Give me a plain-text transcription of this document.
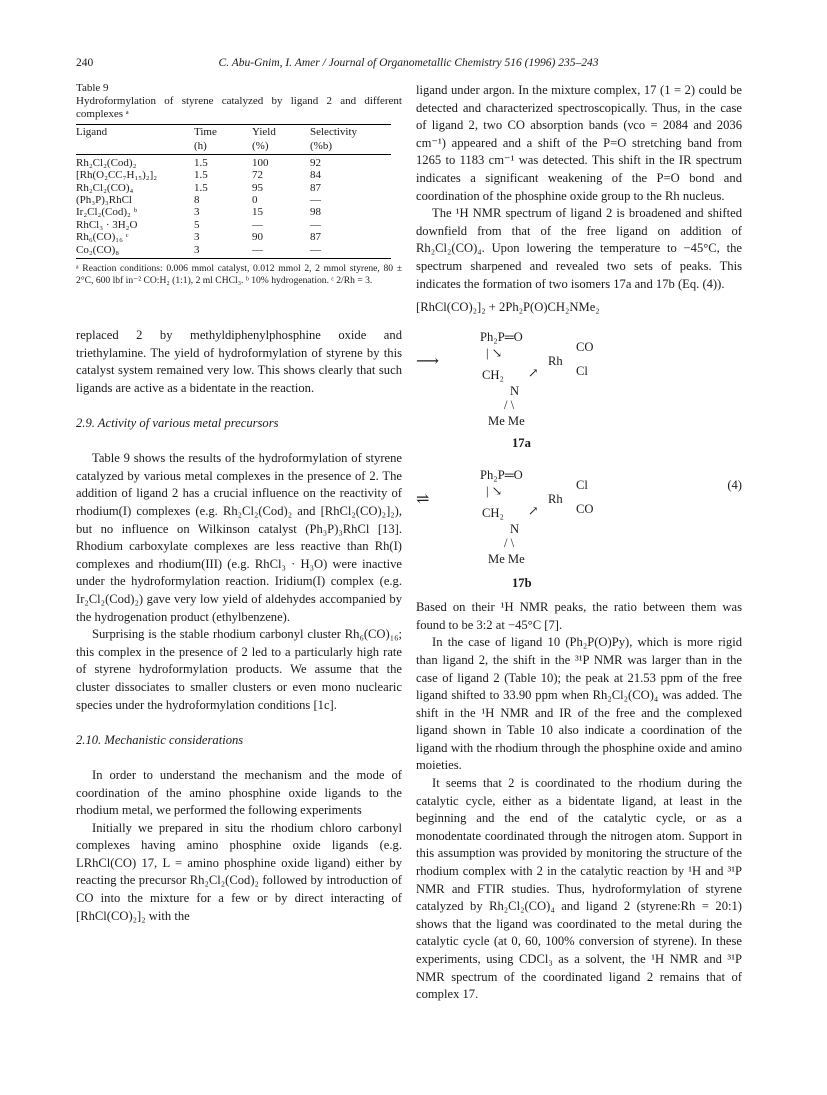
240	C. Abu-Gnim, I. Amer / Journal of Organometallic Chemistry 516 (1996) 235–243
Table 9
Hydroformylation of styrene catalyzed by ligand 2 and different complexes ᵃ
Ligand	Time	Yield	Selectivity
	(h)	(%)	(%b)
Rh₂Cl₂(Cod)₂	1.5	100	92
[Rh(O₂CC₇H₁₅)₂]₂	1.5	72	84
Rh₂Cl₂(CO)₄	1.5	95	87
(Ph₃P)₃RhCl	8	0	—
Ir₂Cl₂(Cod)₂ ᵇ	3	15	98
RhCl₃ · 3H₂O	5	—	—
Rh₆(CO)₁₆ ᶜ	3	90	87
Co₂(CO)₈	3	—	—
ᵃ Reaction conditions: 0.006 mmol catalyst, 0.012 mmol 2, 2 mmol styrene, 80 ± 2°C, 600 lbf in⁻² CO:H₂ (1:1), 2 ml CHCl₃. ᵇ 10% hydrogenation. ᶜ 2/Rh = 3.

replaced 2 by methyldiphenylphosphine oxide and triethylamine. The yield of hydroformylation of styrene by this catalyst system remained very low. This shows clearly that such ligands are active as a bidentate in the reaction.

2.9. Activity of various metal precursors

Table 9 shows the results of the hydroformylation of styrene catalyzed by various metal complexes in the presence of 2. The addition of ligand 2 has a crucial influence on the reactivity of rhodium(I) complexes (e.g. Rh₂Cl₂(Cod)₂ and [RhCl₂(CO)₂]₂), but no influence on Wilkinson catalyst (Ph₃P)₃RhCl [13]. Rhodium carboxylate complexes are less reactive than Rh(I) complexes and rhodium(III) (e.g. RhCl₃ · H₃O) were inactive under the hydroformylation reaction. Iridium(I) complex (e.g. Ir₂Cl₂(Cod)₂) gave very low yield of aldehydes accompanied by the hydrogenation product (ethylbenzene).

Surprising is the stable rhodium carbonyl cluster Rh₆(CO)₁₆; this complex in the presence of 2 led to a particularly high rate of styrene hydroformylation products. We assume that the cluster dissociates to smaller clusters or even mono nuclearic species under the hydroformylation conditions [1c].

2.10. Mechanistic considerations

In order to understand the mechanism and the mode of coordination of the amino phosphine oxide ligands to the rhodium metal, we performed the following experiments

Initially we prepared in situ the rhodium chloro carbonyl complexes having amino phosphine oxide ligands (e.g. LRhCl(CO) 17, L = amino phosphine oxide ligand) either by reacting the precursor Rh₂Cl₂(Cod)₂ followed by introduction of CO into the mixture for a few or by direct interacting of [RhCl(CO)₂]₂ with the

ligand under argon. In the mixture complex, 17 (1 = 2) could be detected and characterized spectroscopically. Thus, in the case of ligand 2, two CO absorption bands (νco = 2084 and 2036 cm⁻¹) appeared and a shift of the P=O stretching band from 1265 to 1183 cm⁻¹ was detected. This shift in the IR spectrum indicates a significant weakening of the P=O bond and coordination of the phosphine oxide group to the Rh nucleus.

The ¹H NMR spectrum of ligand 2 is broadened and shifted downfield from that of the free ligand on addition of Rh₂Cl₂(CO)₄. Upon lowering the temperature to −45°C, the spectrum sharpened and revealed two sets of peaks. This indicates the formation of two isomers 17a and 17b (Eq. (4)).

[RhCl(CO)₂]₂ + 2Ph₂P(O)CH₂NMe₂
⟶
Ph₂P═O
| ↘
Rh
CO
Cl
CH₂ ↗
N
/ \
Me Me
17a
⇌
Ph₂P═O
| ↘
Rh
Cl
CO
CH₂ ↗
N
/ \
Me Me
17b
(4)

Based on their ¹H NMR peaks, the ratio between them was found to be 3:2 at −45°C [7].

In the case of ligand 10 (Ph₂P(O)Py), which is more rigid than ligand 2, the shift in the ³¹P NMR was larger than in the case of ligand 2 (Table 10); the peak at 21.53 ppm of the free ligand shifted to 33.90 ppm when Rh₂Cl₂(CO)₄ was added. The shift in the ¹H NMR and IR of the free and the complexed ligand shown in Table 10 also indicate a coordination of the ligand with the rhodium through the phosphine oxide and amino moieties.

It seems that 2 is coordinated to the rhodium during the catalytic cycle, either as a bidentate ligand, at least in the beginning and the end of the catalytic cycle, or as a monodentate coordinated through the nitrogen atom. Support in this assumption was provided by monitoring the structure of the rhodium complex with 2 in the catalytic reaction by ¹H and ³¹P NMR and FTIR studies. Thus, hydroformylation of styrene catalyzed by Rh₂Cl₂(CO)₄ and ligand 2 (styrene:Rh = 20:1) shows that the ligand was coordinated to the metal during the catalytic cycle (at 0, 60, 100% conversion of styrene). In these experiments, using CDCl₃ as a solvent, the ¹H NMR and ³¹P NMR spectrum of the coordinated ligand 2 remains that of complex 17.
